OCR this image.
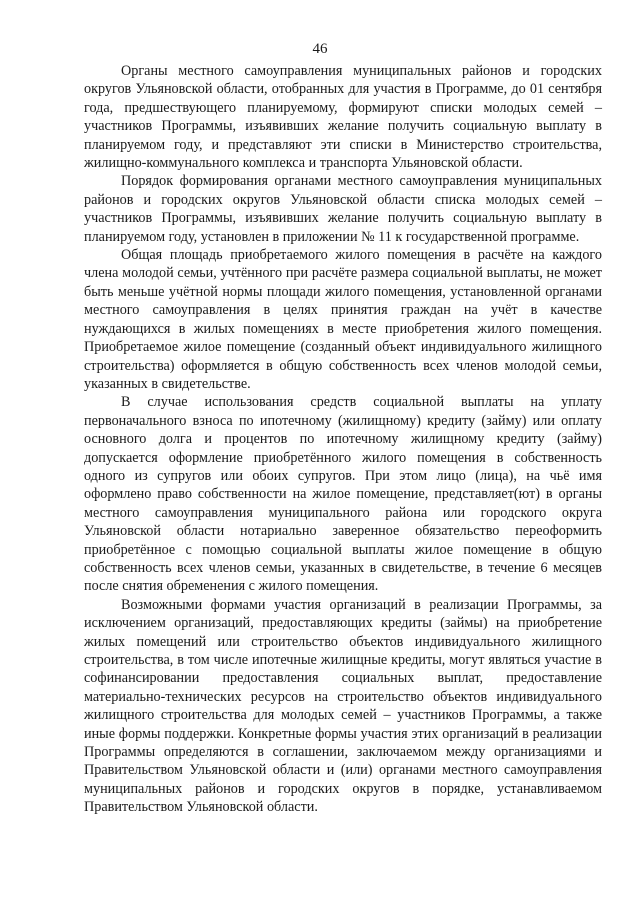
46

Органы местного самоуправления муниципальных районов и городских округов Ульяновской области, отобранных для участия в Программе, до 01 сентября года, предшествующего планируемому, формируют списки молодых семей – участников Программы, изъявивших желание получить социальную выплату в планируемом году, и представляют эти списки в Министерство строительства, жилищно-коммунального комплекса и транспорта Ульяновской области.

Порядок формирования органами местного самоуправления муниципальных районов и городских округов Ульяновской области списка молодых семей – участников Программы, изъявивших желание получить социальную выплату в планируемом году, установлен в приложении № 11 к государственной программе.

Общая площадь приобретаемого жилого помещения в расчёте на каждого члена молодой семьи, учтённого при расчёте размера социальной выплаты, не может быть меньше учётной нормы площади жилого помещения, установленной органами местного самоуправления в целях принятия граждан на учёт в качестве нуждающихся в жилых помещениях в месте приобретения жилого помещения. Приобретаемое жилое помещение (созданный объект индивидуального жилищного строительства) оформляется в общую собственность всех членов молодой семьи, указанных в свидетельстве.

В случае использования средств социальной выплаты на уплату первоначального взноса по ипотечному (жилищному) кредиту (займу) или оплату основного долга и процентов по ипотечному жилищному кредиту (займу) допускается оформление приобретённого жилого помещения в собственность одного из супругов или обоих супругов. При этом лицо (лица), на чьё имя оформлено право собственности на жилое помещение, представляет(ют) в органы местного самоуправления муниципального района или городского округа Ульяновской области нотариально заверенное обязательство переоформить приобретённое с помощью социальной выплаты жилое помещение в общую собственность всех членов семьи, указанных в свидетельстве, в течение 6 месяцев после снятия обременения с жилого помещения.

Возможными формами участия организаций в реализации Программы, за исключением организаций, предоставляющих кредиты (займы) на приобретение жилых помещений или строительство объектов индивидуального жилищного строительства, в том числе ипотечные жилищные кредиты, могут являться участие в софинансировании предоставления социальных выплат, предоставление материально-технических ресурсов на строительство объектов индивидуального жилищного строительства для молодых семей – участников Программы, а также иные формы поддержки. Конкретные формы участия этих организаций в реализации Программы определяются в соглашении, заключаемом между организациями и Правительством Ульяновской области и (или) органами местного самоуправления муниципальных районов и городских округов в порядке, устанавливаемом Правительством Ульяновской области.
